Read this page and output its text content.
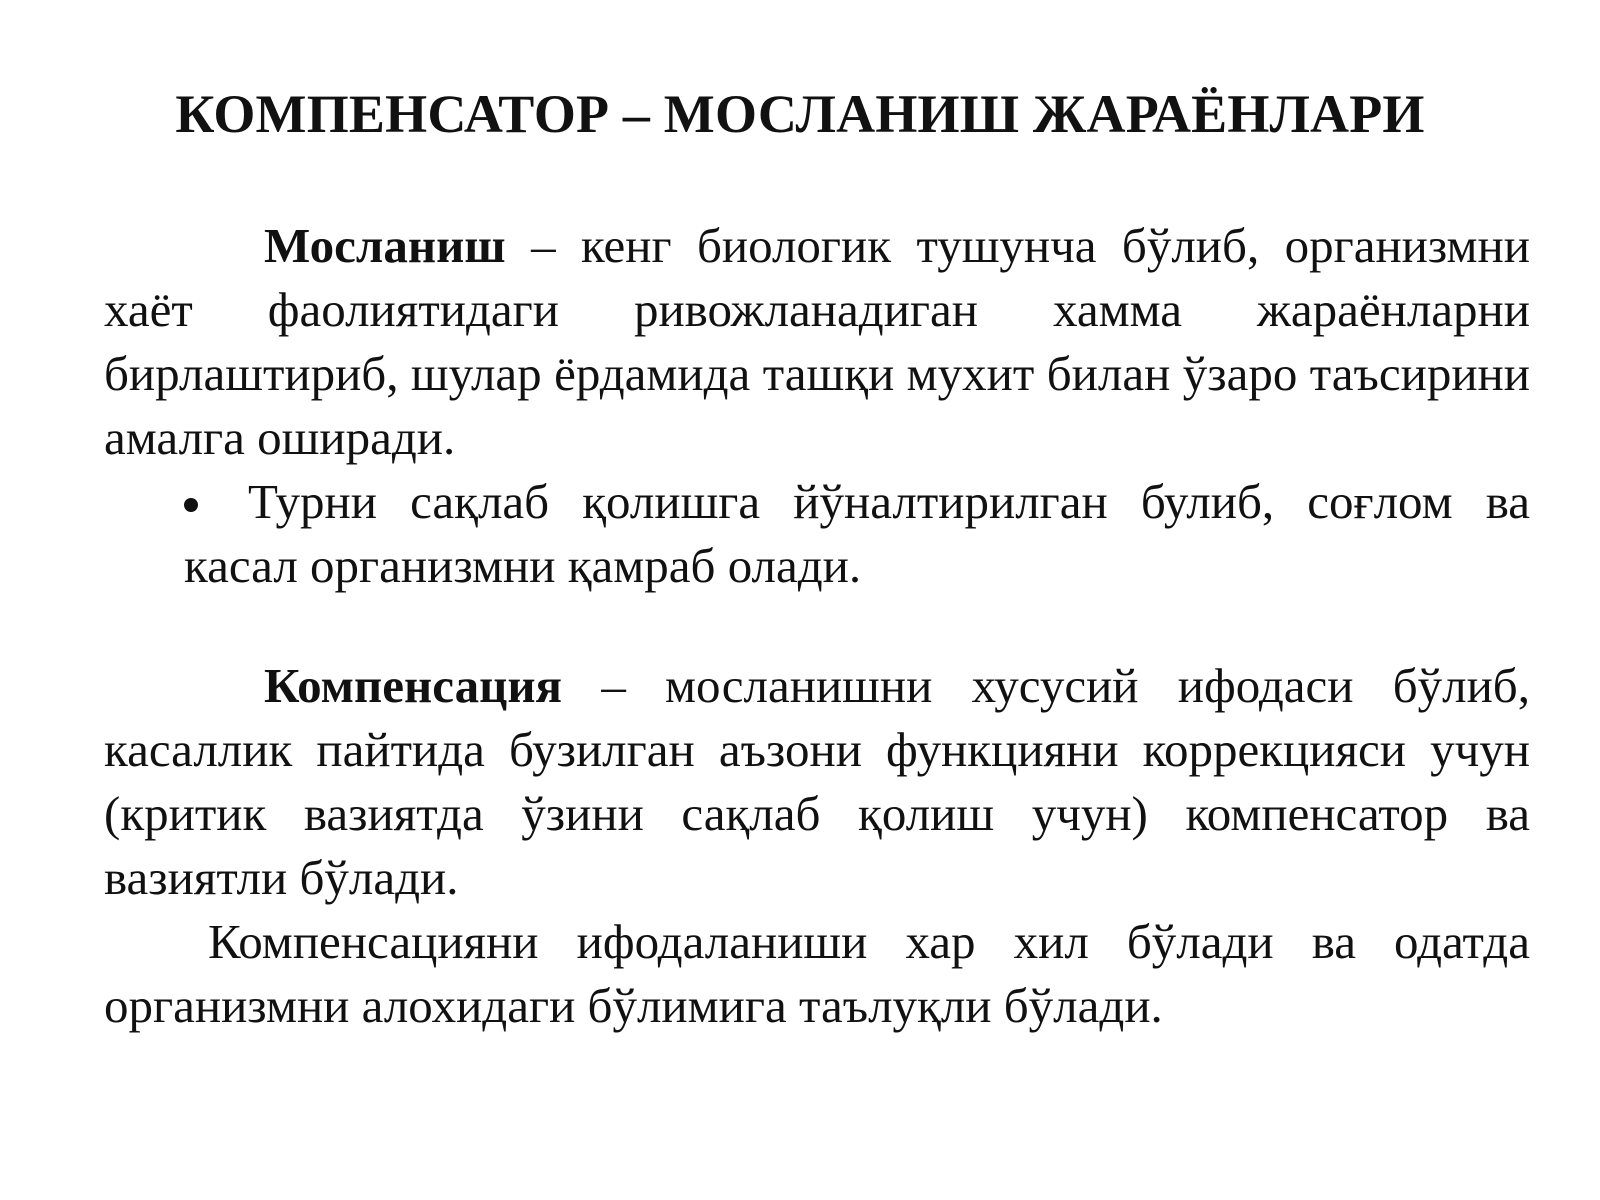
КОМПЕНСАТОР – МОСЛАНИШ ЖАРАЁНЛАРИ

Мосланиш – кенг биологик тушунча бўлиб, организмни хаёт фаолиятидаги ривожланадиган хамма жараёнларни бирлаштириб, шулар ёрдамида ташқи мухит билан ўзаро таъсирини амалга оширади.

Турни сақлаб қолишга йўналтирилган булиб, соғлом ва касал организмни қамраб олади.

Компенсация – мосланишни хусусий ифодаси бўлиб, касаллик пайтида бузилган аъзони функцияни коррекцияси учун (критик вазиятда ўзини сақлаб қолиш учун) компенсатор ва вазиятли бўлади.

Компенсацияни ифодаланиши хар хил бўлади ва одатда организмни алохидаги бўлимига таълуқли бўлади.
